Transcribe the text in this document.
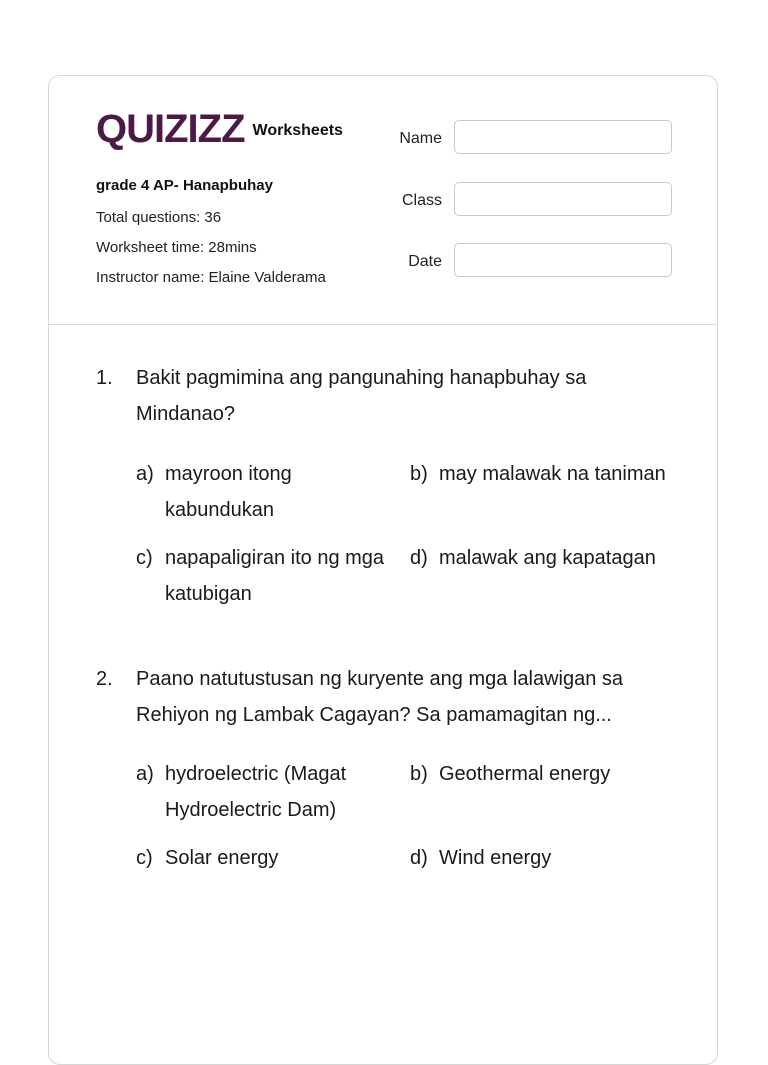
QUIZIZZ Worksheets
grade 4 AP- Hanapbuhay
Total questions: 36
Worksheet time: 28mins
Instructor name: Elaine Valderama
Name
Class
Date
1. Bakit pagmimina ang pangunahing hanapbuhay sa Mindanao?
a) mayroon itong kabundukan
b) may malawak na taniman
c) napapaligiran ito ng mga katubigan
d) malawak ang kapatagan
2. Paano natutustusan ng kuryente ang mga lalawigan sa Rehiyon ng Lambak Cagayan? Sa pamamagitan ng...
a) hydroelectric (Magat Hydroelectric Dam)
b) Geothermal energy
c) Solar energy	d) Wind energy
